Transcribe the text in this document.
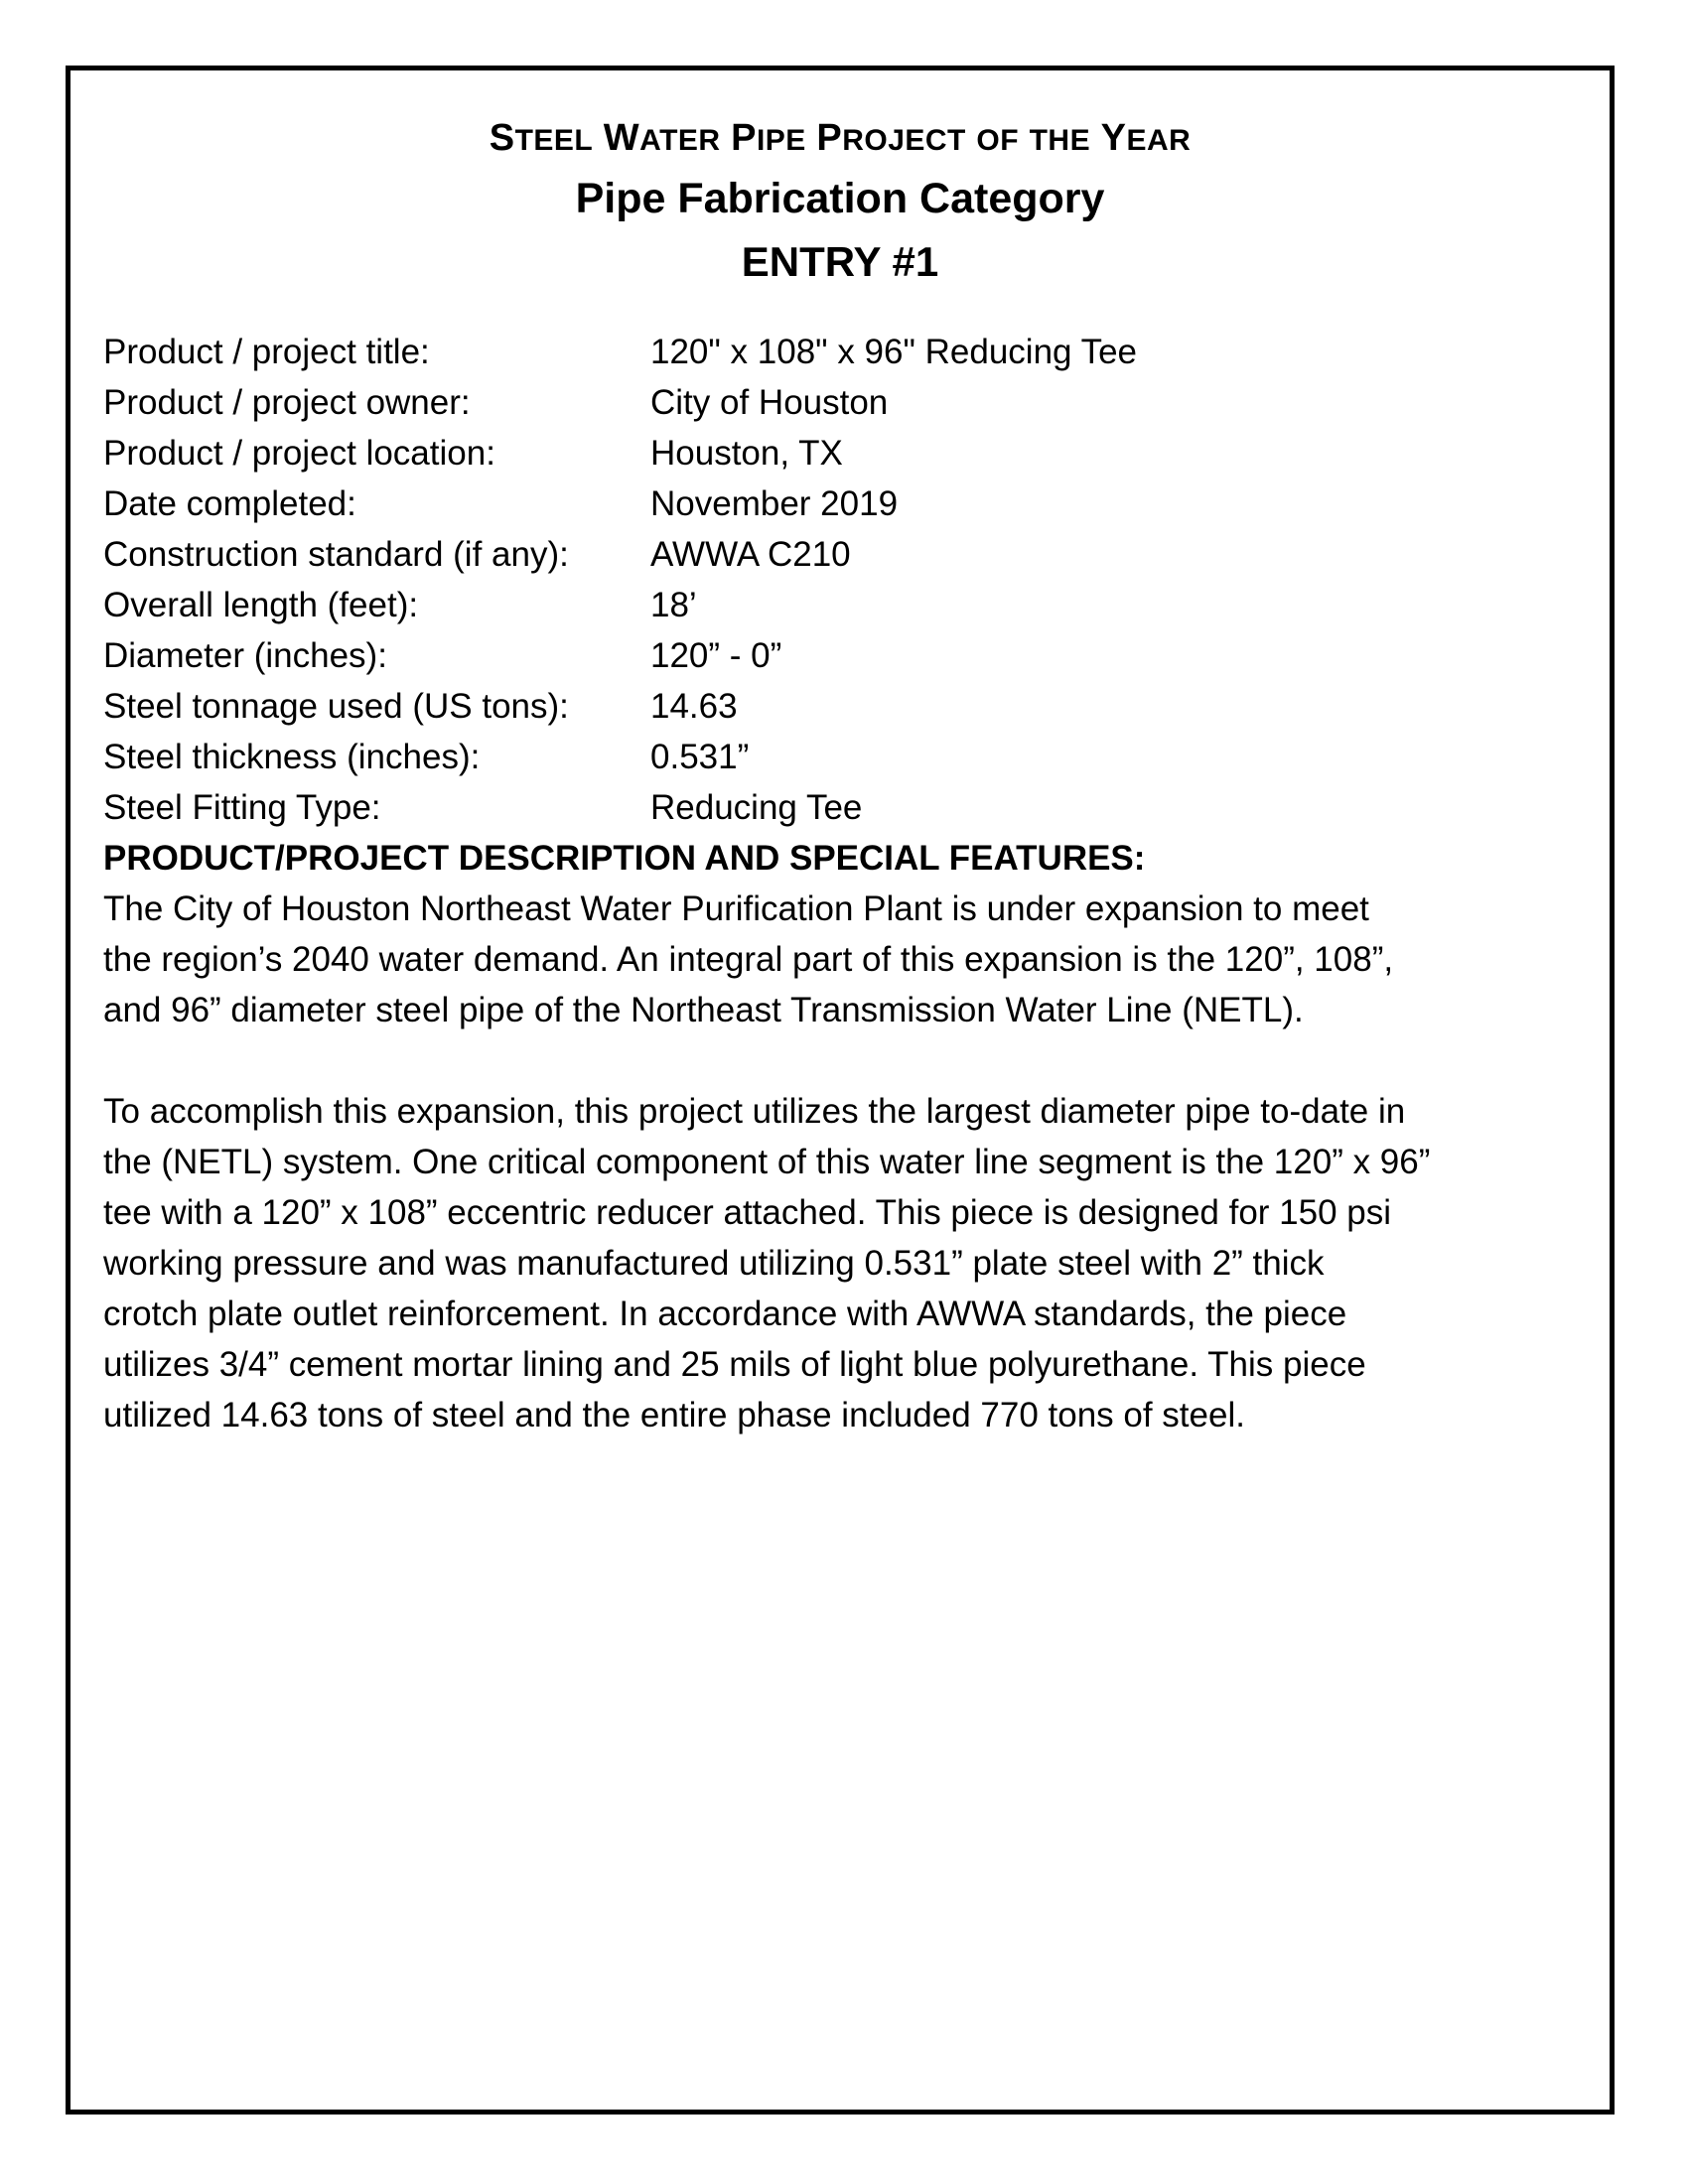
STEEL WATER PIPE PROJECT OF THE YEAR
Pipe Fabrication Category
ENTRY #1
Product / project title:	120" x 108" x 96" Reducing Tee
Product / project owner:	City of Houston
Product / project location:	Houston, TX
Date completed:	November 2019
Construction standard (if any):	AWWA C210
Overall length (feet):	18’
Diameter (inches):	120” - 0”
Steel tonnage used (US tons):	14.63
Steel thickness (inches):	0.531”
Steel Fitting Type:	Reducing Tee
PRODUCT/PROJECT DESCRIPTION AND SPECIAL FEATURES:
The City of Houston Northeast Water Purification Plant is under expansion to meet
the region’s 2040 water demand. An integral part of this expansion is the 120”, 108”,
and 96” diameter steel pipe of the Northeast Transmission Water Line (NETL).
To accomplish this expansion, this project utilizes the largest diameter pipe to-date in
the (NETL) system. One critical component of this water line segment is the 120” x 96”
tee with a 120” x 108” eccentric reducer attached. This piece is designed for 150 psi
working pressure and was manufactured utilizing 0.531” plate steel with 2” thick
crotch plate outlet reinforcement. In accordance with AWWA standards, the piece
utilizes 3/4” cement mortar lining and 25 mils of light blue polyurethane. This piece
utilized 14.63 tons of steel and the entire phase included 770 tons of steel.
